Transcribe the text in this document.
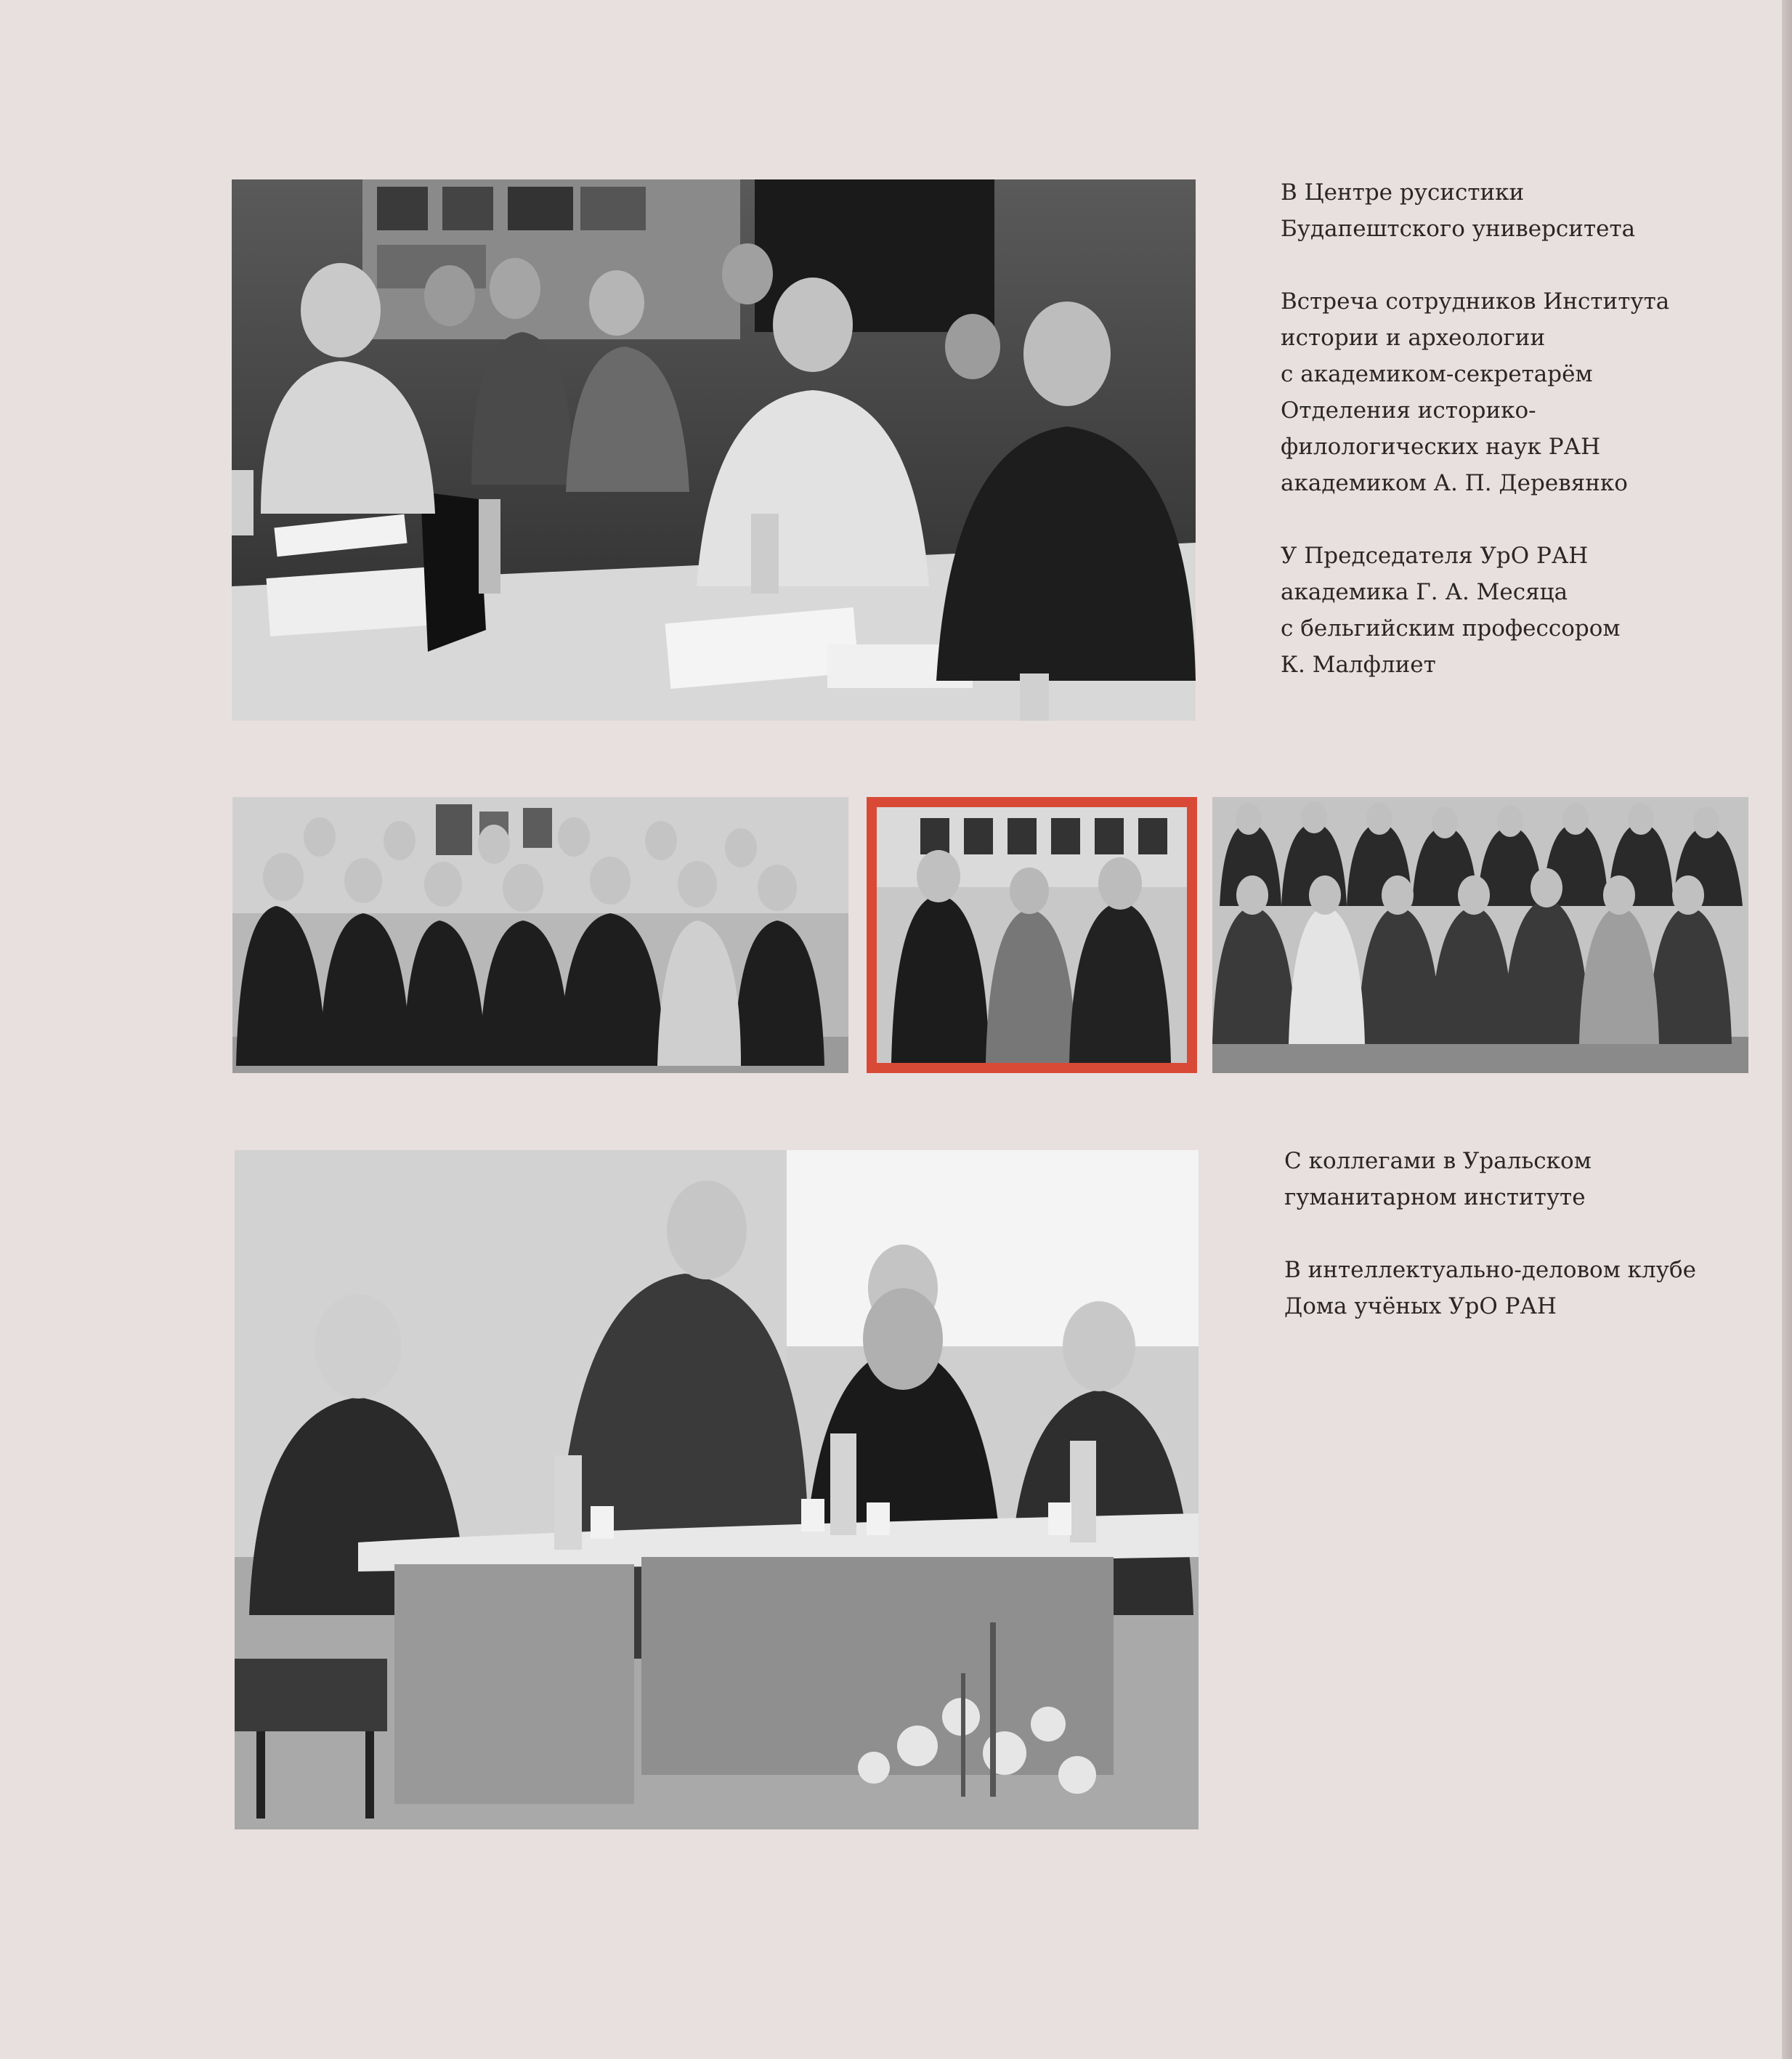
В Центре русистики
Будапештского университета
Встреча сотрудников Института
истории и археологии
с академиком-секретарём
Отделения историко-
филологических наук РАН
академиком А. П. Деревянко
У Председателя УрО РАН
академика Г. А. Месяца
с бельгийским профессором
К. Малфлиет
С коллегами в Уральском
гуманитарном институте
В интеллектуально-деловом клубе
Дома учёных УрО РАН
